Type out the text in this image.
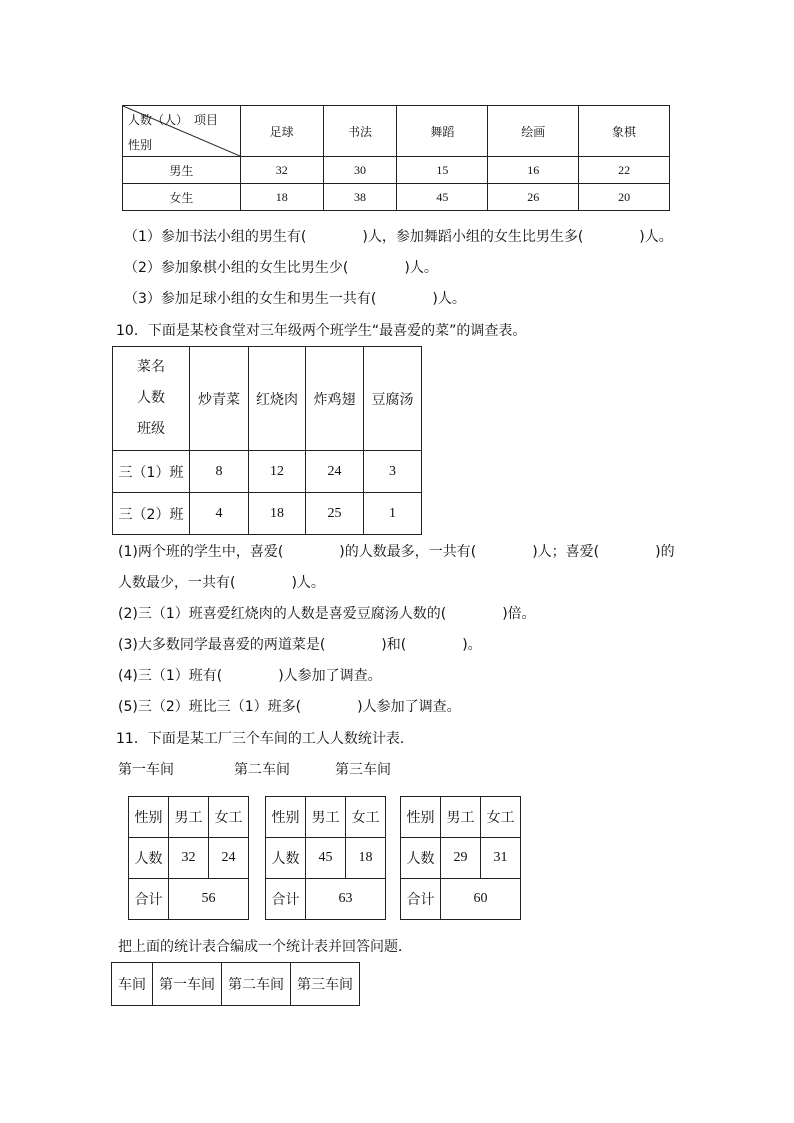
人数（人）　项目
性别	足球	书法	舞蹈	绘画	象棋
男生	32	30	15	16	22
女生	18	38	45	26	20
（1）参加书法小组的男生有(　　　　)人，参加舞蹈小组的女生比男生多(　　　　)人。
（2）参加象棋小组的女生比男生少(　　　　)人。
（3）参加足球小组的女生和男生一共有(　　　　)人。
10．下面是某校食堂对三年级两个班学生“最喜爱的菜”的调查表。
菜名
人数
班级	炒青菜	红烧肉	炸鸡翅	豆腐汤
三（1）班	8	12	24	3
三（2）班	4	18	25	1
(1)两个班的学生中，喜爱(　　　　)的人数最多，一共有(　　　　)人；喜爱(　　　　)的
人数最少，一共有(　　　　)人。
(2)三（1）班喜爱红烧肉的人数是喜爱豆腐汤人数的(　　　　)倍。
(3)大多数同学最喜爱的两道菜是(　　　　)和(　　　　)。
(4)三（1）班有(　　　　)人参加了调查。
(5)三（2）班比三（1）班多(　　　　)人参加了调查。
11．下面是某工厂三个车间的工人人数统计表．
第一车间	第二车间	第三车间
性别	男工	女工
人数	32	24
合计	56	
性别	男工	女工
人数	45	18
合计	63	
性别	男工	女工
人数	29	31
合计	60	
把上面的统计表合编成一个统计表并回答问题．
车间	第一车间	第二车间	第三车间
